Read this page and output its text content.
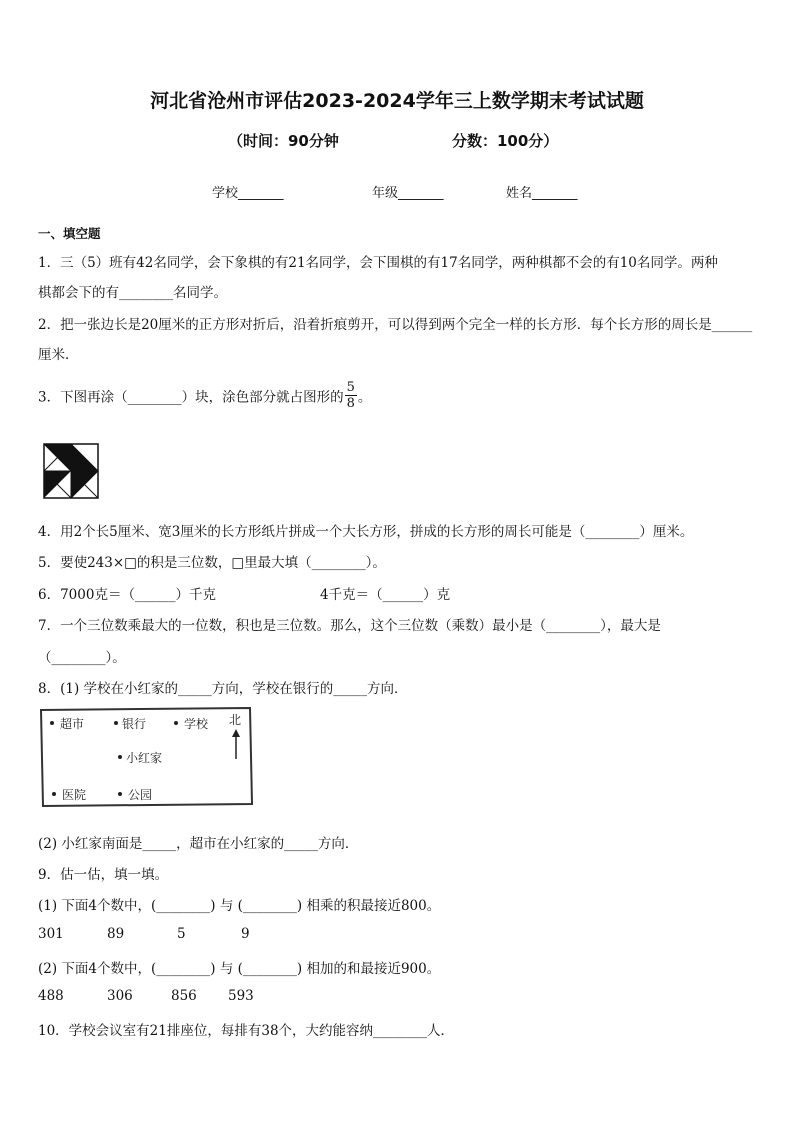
河北省沧州市评估2023-2024学年三上数学期末考试试题
（时间：90分钟	分数：100分）
学校_______	年级_______	姓名_______
一、填空题
1．三（5）班有42名同学，会下象棋的有21名同学，会下围棋的有17名同学，两种棋都不会的有10名同学。两种
棋都会下的有________名同学。
2．把一张边长是20厘米的正方形对折后，沿着折痕剪开，可以得到两个完全一样的长方形．每个长方形的周长是______
厘米．
3．下图再涂（________）块，涂色部分就占图形的 $\frac{5}{8}$ 。
4．用2个长5厘米、宽3厘米的长方形纸片拼成一个大长方形，拼成的长方形的周长可能是（________）厘米。
5．要使243×□的积是三位数，□里最大填（________）。
6．7000克＝（______）千克	4千克＝（______）克
7．一个三位数乘最大的一位数，积也是三位数。那么，这个三位数（乘数）最小是（________），最大是
（________）。
8．(1) 学校在小红家的_____方向，学校在银行的_____方向．
超市	银行	学校 北
小红家
医院	公园
(2) 小红家南面是_____，超市在小红家的_____方向．
9．估一估，填一填。
(1) 下面4个数中，(________) 与 (________) 相乘的积最接近800。
301	89	5	9
(2) 下面4个数中，(________) 与 (________) 相加的和最接近900。
488	306	856 593
10．学校会议室有21排座位，每排有38个，大约能容纳________人．
